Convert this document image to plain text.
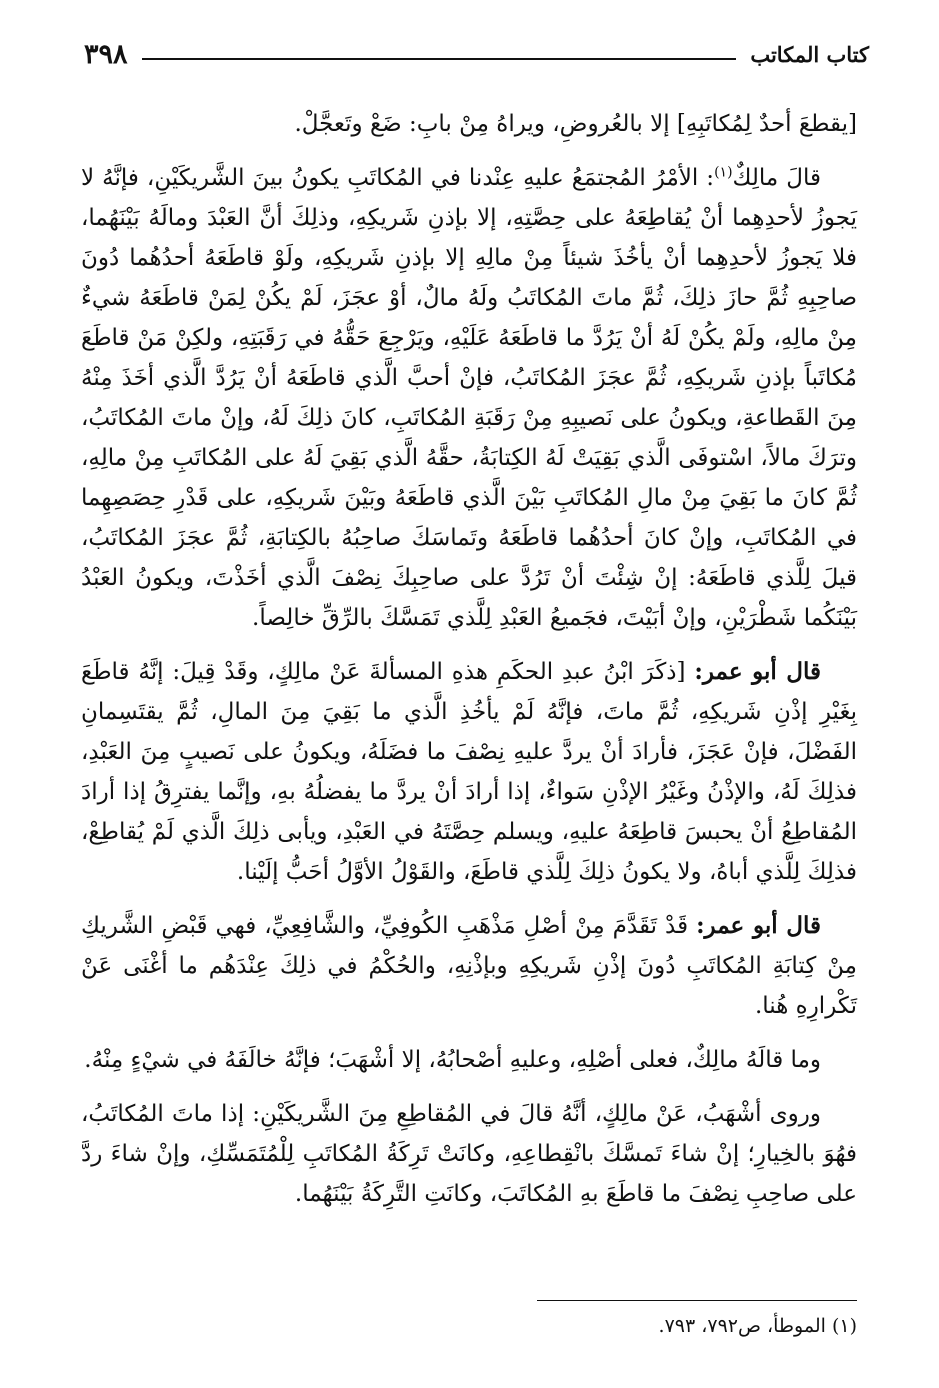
كتاب المكاتب
٣٩٨

[يقطعَ أحدٌ لِمُكاتَبِهِ] إلا بالعُروضِ، ويراهُ مِنْ بابِ: ضَعْ وتَعجَّلْ.

قالَ مالِكٌ$^{(١)}$: الأمْرُ المُجتمَعُ عليهِ عِنْدنا في المُكاتَبِ يكونُ بينَ الشَّريكَيْنِ، فإنَّهُ لا يَجوزُ لأحدِهِما أنْ يُقاطِعَهُ على حِصَّتِهِ، إلا بإذنِ شَريكِهِ، وذلِكَ أنَّ العَبْدَ ومالَهُ بَيْنَهُما، فلا يَجوزُ لأحدِهِما أنْ يأخُذَ شيئاً مِنْ مالِهِ إلا بإذنِ شَريكِهِ، ولَوْ قاطَعَهُ أحدُهُما دُونَ صاحِبِهِ ثُمَّ حازَ ذلِكَ، ثُمَّ ماتَ المُكاتَبُ ولَهُ مالٌ، أوْ عجَزَ، لَمْ يكُنْ لِمَنْ قاطَعَهُ شيءٌ مِنْ مالِهِ، ولَمْ يكُنْ لَهُ أنْ يَرُدَّ ما قاطَعَهُ عَلَيْهِ، ويَرْجِعَ حَقُّهُ في رَقَبَتِهِ، ولكِنْ مَنْ قاطَعَ مُكاتَباً بإذنِ شَريكِهِ، ثُمَّ عجَزَ المُكاتَبُ، فإنْ أحبَّ الَّذي قاطَعَهُ أنْ يَرُدَّ الَّذي أخَذَ مِنْهُ مِنَ القَطاعةِ، ويكونُ على نَصيبِهِ مِنْ رَقَبَةِ المُكاتَبِ، كانَ ذلِكَ لَهُ، وإنْ ماتَ المُكاتَبُ، وترَكَ مالاً، اسْتوفَى الَّذي بَقِيَتْ لَهُ الكِتابَةُ، حقَّهُ الَّذي بَقِيَ لَهُ على المُكاتَبِ مِنْ مالِهِ، ثُمَّ كانَ ما بَقِيَ مِنْ مالِ المُكاتَبِ بَيْنَ الَّذي قاطَعَهُ وبَيْنَ شَريكِهِ، على قَدْرِ حِصَصِهِما في المُكاتَبِ، وإنْ كانَ أحدُهُما قاطَعَهُ وتَماسَكَ صاحِبُهُ بالكِتابَةِ، ثُمَّ عجَزَ المُكاتَبُ، قيلَ لِلَّذي قاطَعَهُ: إنْ شِئْتَ أنْ تَرُدَّ على صاحِبِكَ نِصْفَ الَّذي أخَذْتَ، ويكونُ العَبْدُ بَيْنَكُما شَطْرَيْنِ، وإنْ أبَيْتَ، فجَميعُ العَبْدِ لِلَّذي تَمَسَّكَ بالرِّقِّ خالِصاً.

قال أبو عمر: [ذكَرَ ابْنُ عبدِ الحكَمِ هذهِ المسألةَ عَنْ مالِكٍ، وقَدْ قِيلَ: إنَّهُ قاطَعَ بِغَيْرِ إذْنِ شَريكِهِ، ثُمَّ ماتَ، فإنَّهُ لَمْ يأخُذِ الَّذي ما بَقِيَ مِنَ المالِ، ثُمَّ يقتَسِمانِ الفَضْلَ، فإنْ عَجَزَ، فأرادَ أنْ يردَّ عليهِ نِصْفَ ما فضَلَهُ، ويكونُ على نَصيبٍ مِنَ العَبْدِ، فذلِكَ لَهُ، والإذْنُ وغَيْرُ الإذْنِ سَواءٌ، إذا أرادَ أنْ يردَّ ما يفضلُهُ بهِ، وإنَّما يفترِقُ إذا أرادَ المُقاطِعُ أنْ يحبسَ قاطِعَهُ عليهِ، ويسلم حِصَّتَهُ في العَبْدِ، ويأبى ذلِكَ الَّذي لَمْ يُقاطِعْ، فذلِكَ لِلَّذي أباهُ، ولا يكونُ ذلِكَ لِلَّذي قاطَعَ، والقَوْلُ الأوَّلُ أحَبُّ إلَيْنا.

قال أبو عمر: قَدْ تَقَدَّمَ مِنْ أصْلِ مَذْهَبِ الكُوفِيِّ، والشَّافِعِيِّ، فهي قَبْضِ الشَّريكِ مِنْ كِتابَةِ المُكاتَبِ دُونَ إذْنِ شَريكِهِ وبإذْنِهِ، والحُكْمُ في ذلِكَ عِنْدَهُم ما أغْنَى عَنْ تَكْرارِهِ هُنا.

وما قالَهُ مالِكٌ، فعلى أصْلِهِ، وعليهِ أصْحابُهُ، إلا أشْهَبَ؛ فإنَّهُ خالَفَهُ في شيْءٍ مِنْهُ.

وروى أشْهَبُ، عَنْ مالِكٍ، أنَّهُ قالَ في المُقاطِعِ مِنَ الشَّريكَيْنِ: إذا ماتَ المُكاتَبُ، فهُوَ بالخِيارِ؛ إنْ شاءَ تَمسَّكَ بانْقِطاعِهِ، وكانَتْ تَرِكَةُ المُكاتَبِ لِلْمُتَمَسِّكِ، وإنْ شاءَ ردَّ على صاحِبِ نِصْفَ ما قاطَعَ بهِ المُكاتَبَ، وكانَتِ التَّرِكَةُ بَيْنَهُما.

(١) الموطأ، ص٧٩٢، ٧٩٣.
